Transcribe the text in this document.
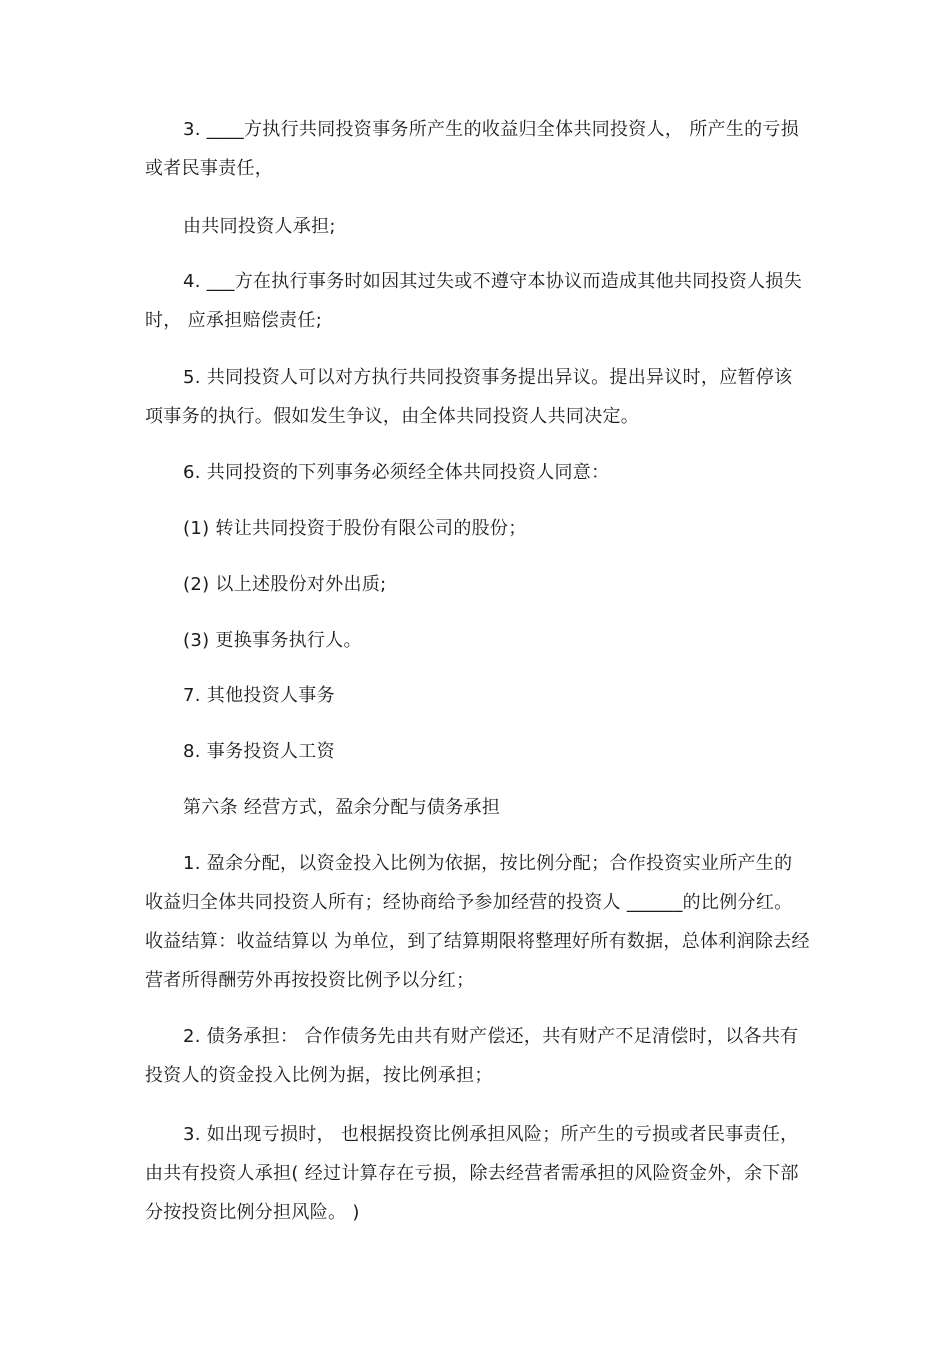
3. ____方执行共同投资事务所产生的收益归全体共同投资人， 所产生的亏损或者民事责任，

由共同投资人承担;

4. ___方在执行事务时如因其过失或不遵守本协议而造成其他共同投资人损失时， 应承担赔偿责任;

5. 共同投资人可以对方执行共同投资事务提出异议。提出异议时，应暂停该项事务的执行。假如发生争议，由全体共同投资人共同决定。

6. 共同投资的下列事务必须经全体共同投资人同意：

(1) 转让共同投资于股份有限公司的股份；

(2) 以上述股份对外出质;

(3) 更换事务执行人。

7. 其他投资人事务

8. 事务投资人工资

第六条 经营方式，盈余分配与债务承担

1. 盈余分配，以资金投入比例为依据，按比例分配；合作投资实业所产生的收益归全体共同投资人所有；经协商给予参加经营的投资人 ______的比例分红。收益结算：收益结算以 为单位，到了结算期限将整理好所有数据，总体利润除去经营者所得酬劳外再按投资比例予以分红；

2. 债务承担： 合作债务先由共有财产偿还，共有财产不足清偿时，以各共有投资人的资金投入比例为据，按比例承担；

3. 如出现亏损时， 也根据投资比例承担风险；所产生的亏损或者民事责任， 由共有投资人承担( 经过计算存在亏损，除去经营者需承担的风险资金外，余下部分按投资比例分担风险。 )
